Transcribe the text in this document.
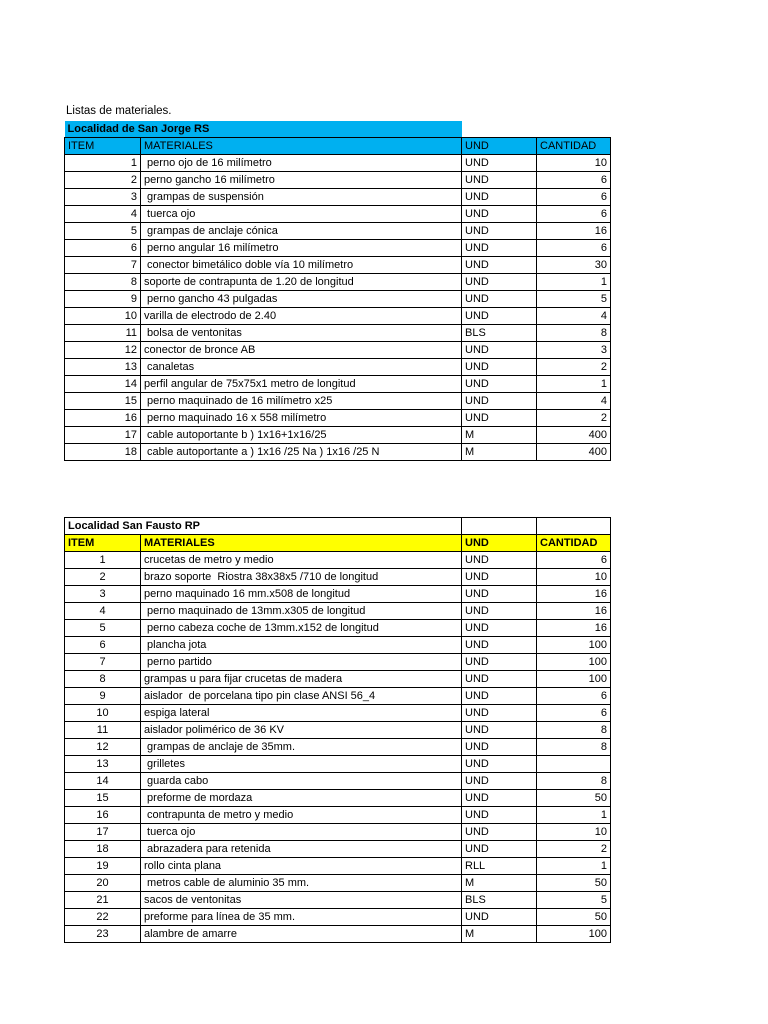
Listas de materiales.
Localidad de San Jorge RS			
ITEM	MATERIALES	UND	CANTIDAD
1	perno ojo de 16 milímetro	UND	10
2	perno gancho 16 milímetro	UND	6
3	grampas de suspensión	UND	6
4	tuerca ojo	UND	6
5	grampas de anclaje cónica	UND	16
6	perno angular 16 milímetro	UND	6
7	conector bimetálico doble vía 10 milímetro	UND	30
8	soporte de contrapunta de 1.20 de longitud	UND	1
9	perno gancho 43 pulgadas	UND	5
10	varilla de electrodo de 2.40	UND	4
11	bolsa de ventonitas	BLS	8
12	conector de bronce AB	UND	3
13	canaletas	UND	2
14	perfil angular de 75x75x1 metro de longitud	UND	1
15	perno maquinado de 16 milímetro x25	UND	4
16	perno maquinado 16 x 558 milímetro	UND	2
17	cable autoportante b ) 1x16+1x16/25	M	400
18	cable autoportante a ) 1x16 /25 Na ) 1x16 /25 N	M	400
Localidad San Fausto RP			
ITEM	MATERIALES	UND	CANTIDAD
1	crucetas de metro y medio	UND	6
2	brazo soporte  Riostra 38x38x5 /710 de longitud	UND	10
3	perno maquinado 16 mm.x508 de longitud	UND	16
4	perno maquinado de 13mm.x305 de longitud	UND	16
5	perno cabeza coche de 13mm.x152 de longitud	UND	16
6	plancha jota	UND	100
7	perno partido	UND	100
8	grampas u para fijar crucetas de madera	UND	100
9	aislador  de porcelana tipo pin clase ANSI 56_4	UND	6
10	espiga lateral	UND	6
11	aislador polimérico de 36 KV	UND	8
12	grampas de anclaje de 35mm.	UND	8
13	grilletes	UND	
14	guarda cabo	UND	8
15	preforme de mordaza	UND	50
16	contrapunta de metro y medio	UND	1
17	tuerca ojo	UND	10
18	abrazadera para retenida	UND	2
19	rollo cinta plana	RLL	1
20	metros cable de aluminio 35 mm.	M	50
21	sacos de ventonitas	BLS	5
22	preforme para línea de 35 mm.	UND	50
23	alambre de amarre	M	100
